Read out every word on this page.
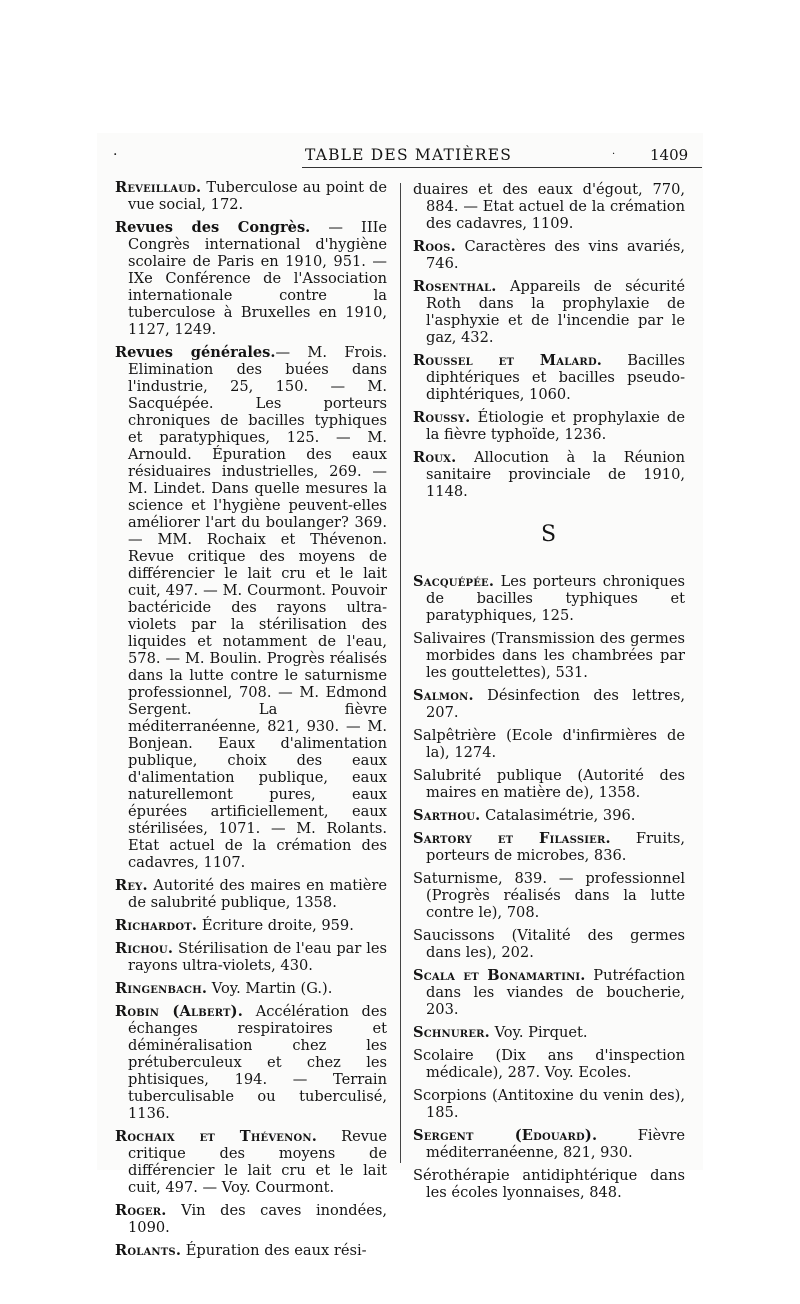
·	TABLE DES MATIÈRES	· 1409
Reveillaud. Tuberculose au point de vue social, 172.
Revues des Congrès. — IIIe Congrès international d'hygiène scolaire de Paris en 1910, 951. — IXe Conférence de l'Association internationale contre la tuberculose à Bruxelles en 1910, 1127, 1249.
Revues générales.— M. Frois. Elimination des buées dans l'industrie, 25, 150. — M. Sacquépée. Les porteurs chroniques de bacilles typhiques et paratyphiques, 125. — M. Arnould. Épuration des eaux résiduaires industrielles, 269. — M. Lindet. Dans quelle mesures la science et l'hygiène peuvent-elles améliorer l'art du boulanger? 369. — MM. Rochaix et Thévenon. Revue critique des moyens de différencier le lait cru et le lait cuit, 497. — M. Courmont. Pouvoir bactéricide des rayons ultra-violets par la stérilisation des liquides et notamment de l'eau, 578. — M. Boulin. Progrès réalisés dans la lutte contre le saturnisme professionnel, 708. — M. Edmond Sergent. La fièvre méditerranéenne, 821, 930. — M. Bonjean. Eaux d'alimentation publique, choix des eaux d'alimentation publique, eaux naturellemont pures, eaux épurées artificiellement, eaux stérilisées, 1071. — M. Rolants. Etat actuel de la crémation des cadavres, 1107.
Rey. Autorité des maires en matière de salubrité publique, 1358.
Richardot. Écriture droite, 959.
Richou. Stérilisation de l'eau par les rayons ultra-violets, 430.
Ringenbach. Voy. Martin (G.).
Robin (Albert). Accélération des échanges respiratoires et déminéralisation chez les prétuberculeux et chez les phtisiques, 194. — Terrain tuberculisable ou tuberculisé, 1136.
Rochaix et Thévenon. Revue critique des moyens de différencier le lait cru et le lait cuit, 497. — Voy. Courmont.
Roger. Vin des caves inondées, 1090.
Rolants. Épuration des eaux rési-
duaires et des eaux d'égout, 770, 884. — Etat actuel de la crémation des cadavres, 1109.
Roos. Caractères des vins avariés, 746.
Rosenthal. Appareils de sécurité Roth dans la prophylaxie de l'asphyxie et de l'incendie par le gaz, 432.
Roussel et Malard. Bacilles diphtériques et bacilles pseudo-diphtériques, 1060.
Roussy. Étiologie et prophylaxie de la fièvre typhoïde, 1236.
Roux. Allocution à la Réunion sanitaire provinciale de 1910, 1148.
S
Sacquépée. Les porteurs chroniques de bacilles typhiques et paratyphiques, 125.
Salivaires (Transmission des germes morbides dans les chambrées par les gouttelettes), 531.
Salmon. Désinfection des lettres, 207.
Salpêtrière (Ecole d'infirmières de la), 1274.
Salubrité publique (Autorité des maires en matière de), 1358.
Sarthou. Catalasimétrie, 396.
Sartory et Filassier. Fruits, porteurs de microbes, 836.
Saturnisme, 839. — professionnel (Progrès réalisés dans la lutte contre le), 708.
Saucissons (Vitalité des germes dans les), 202.
Scala et Bonamartini. Putréfaction dans les viandes de boucherie, 203.
Schnurer. Voy. Pirquet.
Scolaire (Dix ans d'inspection médicale), 287. Voy. Ecoles.
Scorpions (Antitoxine du venin des), 185.
Sergent (Edouard). Fièvre méditerranéenne, 821, 930.
Sérothérapie antidiphtérique dans les écoles lyonnaises, 848.
